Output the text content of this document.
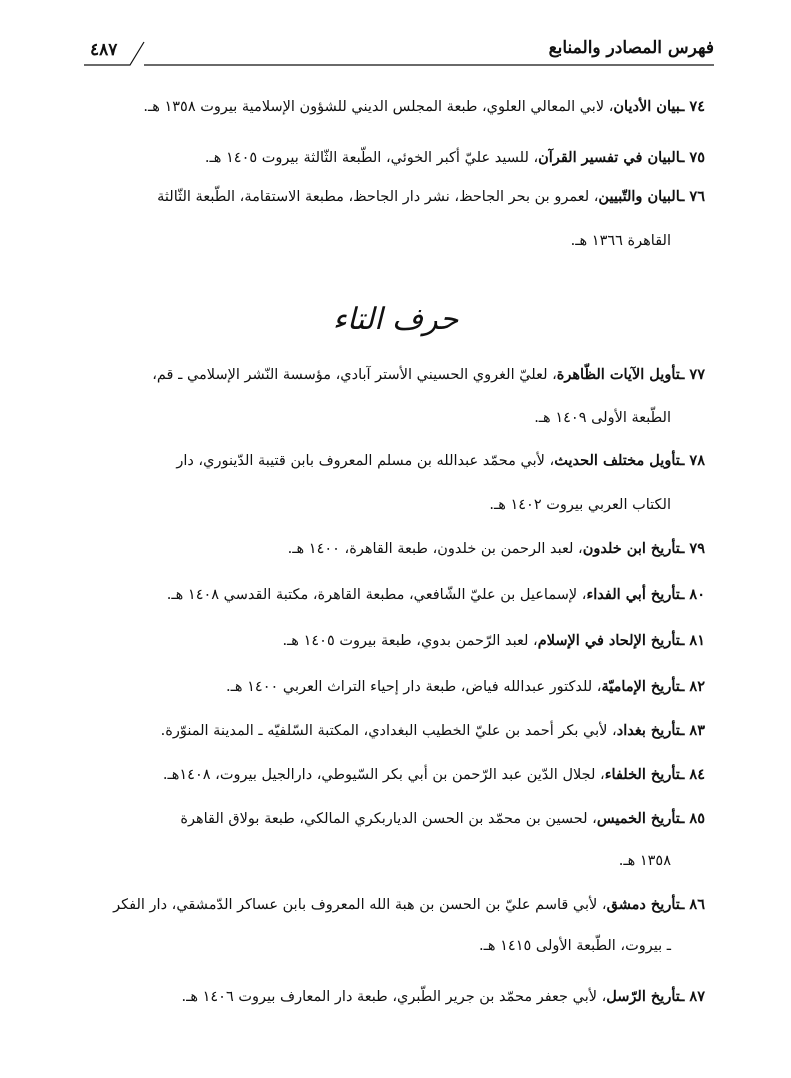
٤٨٧	فهرس المصادر والمنابع
حرف التاء
٧٤ ـبيان الأديان، لابي المعالي العلوي، طبعة المجلس الديني للشؤون الإسلامية بيروت ١٣٥٨ هـ.
٧٥ ـالبيان في تفسير القرآن، للسيد عليّ أكبر الخوئي، الطّبعة الثّالثة بيروت ١٤٠٥ هـ.
٧٦ ـالبيان والتّبيين، لعمرو بن بحر الجاحظ، نشر دار الجاحظ، مطبعة الاستقامة، الطّبعة الثّالثة
القاهرة ١٣٦٦ هـ.
٧٧ ـتأويل الآيات الظّاهرة، لعليّ الغروي الحسيني الأستر آبادي، مؤسسة النّشر الإسلامي ـ قم،
الطّبعة الأولى ١٤٠٩ هـ.
٧٨ ـتأويل مختلف الحديث، لأبي محمّد عبدالله بن مسلم المعروف بابن قتيبة الدّينوري، دار
الكتاب العربي بيروت ١٤٠٢ هـ.
٧٩ ـتأريخ ابن خلدون، لعبد الرحمن بن خلدون، طبعة القاهرة، ١٤٠٠ هـ.
٨٠ ـتأريخ أبي الفداء، لإسماعيل بن عليّ الشّافعي، مطبعة القاهرة، مكتبة القدسي ١٤٠٨ هـ.
٨١ ـتأريخ الإلحاد في الإسلام، لعبد الرّحمن بدوي، طبعة بيروت ١٤٠٥ هـ.
٨٢ ـتأريخ الإماميّة، للدكتور عبدالله فياض، طبعة دار إحياء التراث العربي ١٤٠٠ هـ.
٨٣ ـتأريخ بغداد، لأبي بكر أحمد بن عليّ الخطيب البغدادي، المكتبة السّلفيّه ـ المدينة المنوّرة.
٨٤ ـتأريخ الخلفاء، لجلال الدّين عبد الرّحمن بن أبي بكر السّيوطي، دارالجيل بيروت، ١٤٠٨هـ.
٨٥ ـتأريخ الخميس، لحسين بن محمّد بن الحسن الدياربكري المالكي، طبعة بولاق القاهرة
١٣٥٨ هـ.
٨٦ ـتأريخ دمشق، لأبي قاسم عليّ بن الحسن بن هبة الله المعروف بابن عساكر الدّمشقي، دار الفكر
ـ بيروت، الطّبعة الأولى ١٤١٥ هـ.
٨٧ ـتأريخ الرّسل، لأبي جعفر محمّد بن جرير الطّبري، طبعة دار المعارف بيروت ١٤٠٦ هـ.
